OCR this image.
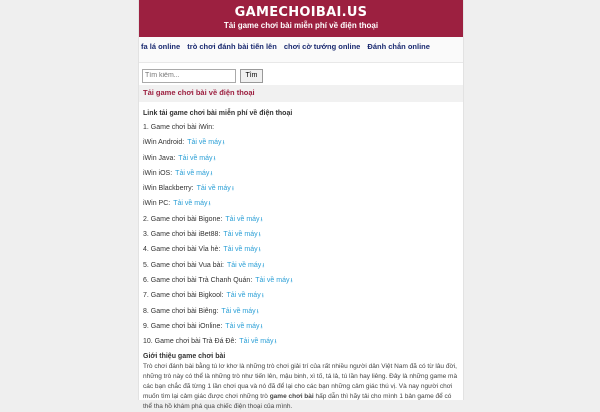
GAMECHOIBAI.US
Tải game chơi bài miễn phí về điện thoại
fa lá online trò chơi đánh bài tiến lên chơi cờ tướng online Đánh chắn online
Tìm kiếm... Tìm
Tải game chơi bài về điện thoại
Link tải game chơi bài miễn phí về điện thoại
1. Game chơi bài iWin:
iWin Android: Tải về máy⭳
iWin Java: Tải về máy⭳
iWin iOS: Tải về máy⭳
iWin Blackberry: Tải về máy⭳
iWin PC: Tải về máy⭳
2. Game chơi bài Bigone: Tải về máy⭳
3. Game chơi bài iBet88: Tải về máy⭳
4. Game chơi bài Vỉa hè: Tải về máy⭳
5. Game chơi bài Vua bài: Tải về máy⭳
6. Game chơi bài Trà Chanh Quán: Tải về máy⭳
7. Game chơi bài Bigkool: Tải về máy⭳
8. Game chơi bài Biêng: Tải về máy⭳
9. Game chơi bài iOnline: Tải về máy⭳
10. Game chơi bài Trà Đá Đê: Tải về máy⭳
Giới thiệu game chơi bài
Trò chơi đánh bài bằng tú lơ khơ là những trò chơi giải trí của rất nhiều người dân Việt Nam đã có từ lâu đời, những trò này có thể là những trò như tiến lên, mậu binh, xì tố, tá lả, tú lần hay liêng. Đây là những game mà các bạn chắc đã từng 1 lần chơi qua và nó đã để lại cho các bạn những cảm giác thú vị. Và nay người chơi muốn tìm lại cảm giác được chơi những trò game chơi bài hấp dẫn thì hãy tải cho mình 1 bản game để có thể tha hồ khám phá qua chiếc điện thoại của mình.
